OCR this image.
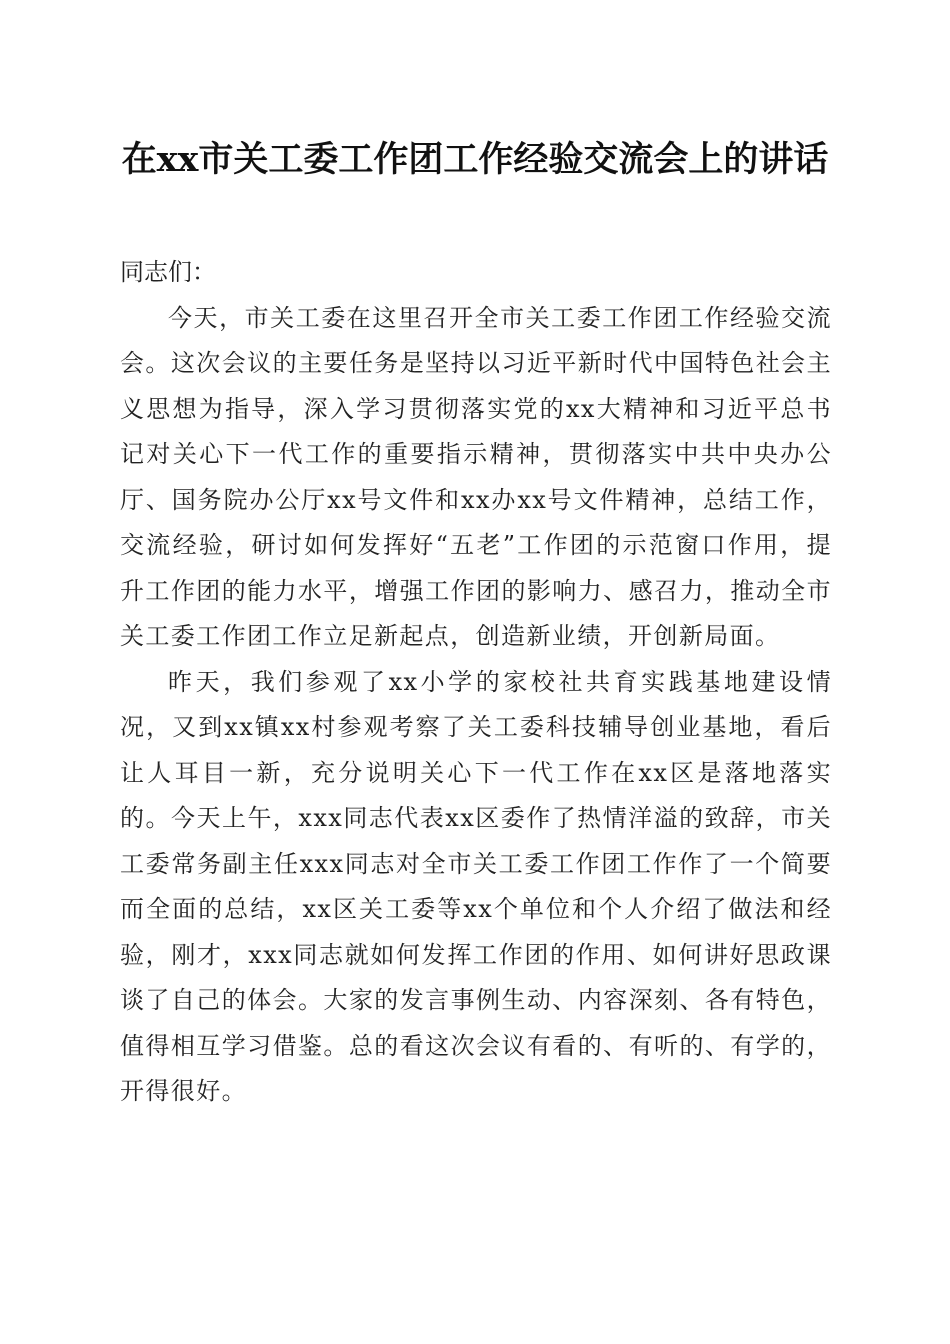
在xx市关工委工作团工作经验交流会上的讲话

同志们：

今天，市关工委在这里召开全市关工委工作团工作经验交流会。这次会议的主要任务是坚持以习近平新时代中国特色社会主义思想为指导，深入学习贯彻落实党的xx大精神和习近平总书记对关心下一代工作的重要指示精神，贯彻落实中共中央办公厅、国务院办公厅xx号文件和xx办xx号文件精神，总结工作，交流经验，研讨如何发挥好“五老”工作团的示范窗口作用，提升工作团的能力水平，增强工作团的影响力、感召力，推动全市关工委工作团工作立足新起点，创造新业绩，开创新局面。

昨天，我们参观了xx小学的家校社共育实践基地建设情况，又到xx镇xx村参观考察了关工委科技辅导创业基地，看后让人耳目一新，充分说明关心下一代工作在xx区是落地落实的。今天上午，xxx同志代表xx区委作了热情洋溢的致辞，市关工委常务副主任xxx同志对全市关工委工作团工作作了一个简要而全面的总结，xx区关工委等xx个单位和个人介绍了做法和经验，刚才，xxx同志就如何发挥工作团的作用、如何讲好思政课谈了自己的体会。大家的发言事例生动、内容深刻、各有特色，值得相互学习借鉴。总的看这次会议有看的、有听的、有学的，开得很好。
